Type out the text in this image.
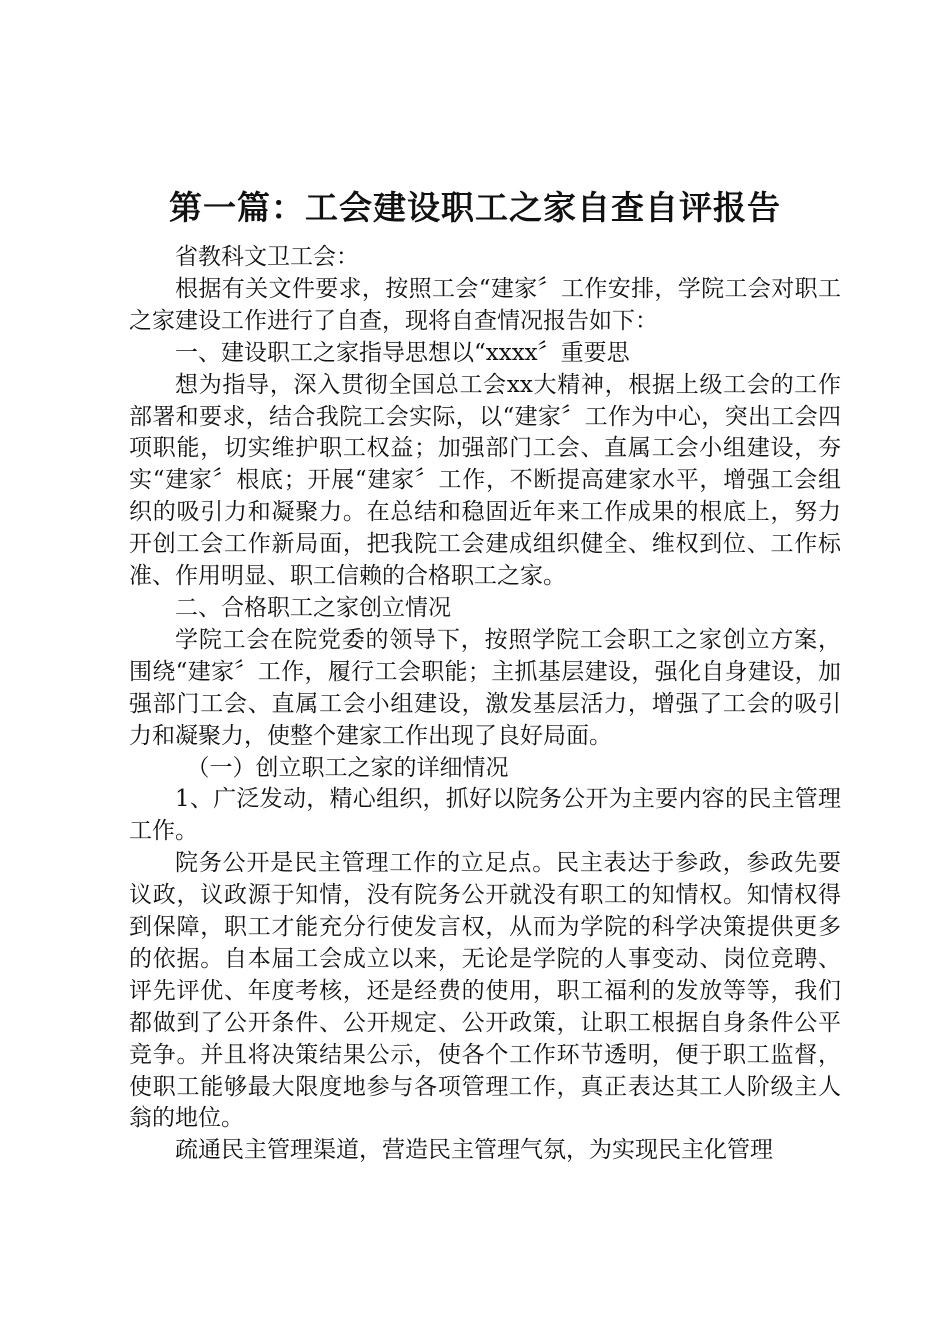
第一篇：工会建设职工之家自查自评报告

省教科文卫工会：

根据有关文件要求，按照工会“建家〞工作安排，学院工会对职工之家建设工作进行了自查，现将自查情况报告如下：

一、建设职工之家指导思想以“xxxx〞重要思

想为指导，深入贯彻全国总工会xx大精神，根据上级工会的工作部署和要求，结合我院工会实际，以“建家〞工作为中心，突出工会四项职能，切实维护职工权益；加强部门工会、直属工会小组建设，夯实“建家〞根底；开展“建家〞工作，不断提高建家水平，增强工会组织的吸引力和凝聚力。在总结和稳固近年来工作成果的根底上，努力开创工会工作新局面，把我院工会建成组织健全、维权到位、工作标准、作用明显、职工信赖的合格职工之家。

二、合格职工之家创立情况

学院工会在院党委的领导下，按照学院工会职工之家创立方案，围绕“建家〞工作，履行工会职能；主抓基层建设，强化自身建设，加强部门工会、直属工会小组建设，激发基层活力，增强了工会的吸引力和凝聚力，使整个建家工作出现了良好局面。

（一）创立职工之家的详细情况

1、广泛发动，精心组织，抓好以院务公开为主要内容的民主管理工作。

院务公开是民主管理工作的立足点。民主表达于参政，参政先要议政，议政源于知情，没有院务公开就没有职工的知情权。知情权得到保障，职工才能充分行使发言权，从而为学院的科学决策提供更多的依据。自本届工会成立以来，无论是学院的人事变动、岗位竞聘、评先评优、年度考核，还是经费的使用，职工福利的发放等等，我们都做到了公开条件、公开规定、公开政策，让职工根据自身条件公平竞争。并且将决策结果公示，使各个工作环节透明，便于职工监督，使职工能够最大限度地参与各项管理工作，真正表达其工人阶级主人翁的地位。

疏通民主管理渠道，营造民主管理气氛，为实现民主化管理
